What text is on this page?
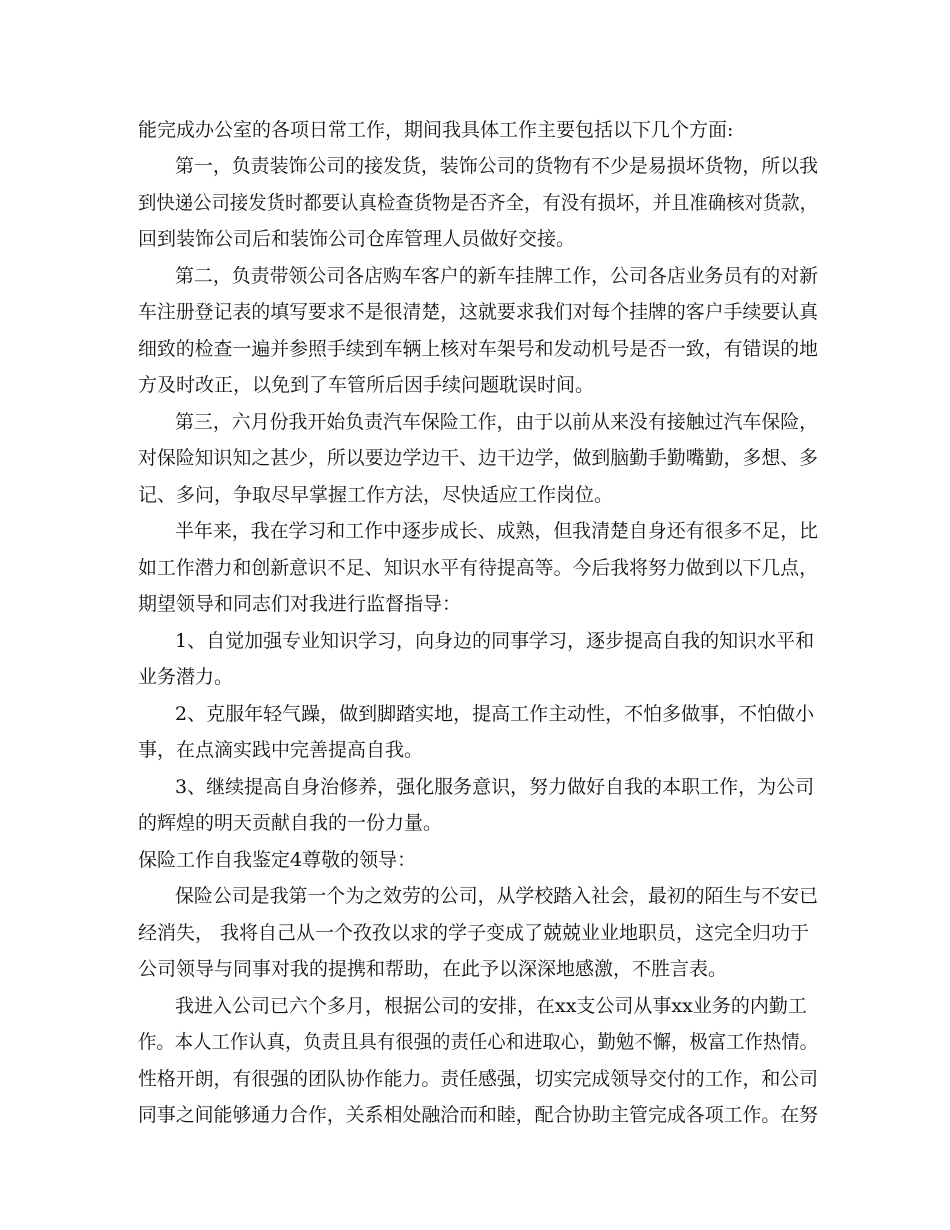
能完成办公室的各项日常工作，期间我具体工作主要包括以下几个方面:
第一，负责装饰公司的接发货，装饰公司的货物有不少是易损坏货物，所以我
到快递公司接发货时都要认真检查货物是否齐全，有没有损坏，并且准确核对货款，
回到装饰公司后和装饰公司仓库管理人员做好交接。
第二，负责带领公司各店购车客户的新车挂牌工作，公司各店业务员有的对新
车注册登记表的填写要求不是很清楚，这就要求我们对每个挂牌的客户手续要认真
细致的检查一遍并参照手续到车辆上核对车架号和发动机号是否一致，有错误的地
方及时改正，以免到了车管所后因手续问题耽误时间。
第三，六月份我开始负责汽车保险工作，由于以前从来没有接触过汽车保险，
对保险知识知之甚少，所以要边学边干、边干边学，做到脑勤手勤嘴勤，多想、多
记、多问，争取尽早掌握工作方法，尽快适应工作岗位。
半年来，我在学习和工作中逐步成长、成熟，但我清楚自身还有很多不足，比
如工作潜力和创新意识不足、知识水平有待提高等。今后我将努力做到以下几点，
期望领导和同志们对我进行监督指导：
1、自觉加强专业知识学习，向身边的同事学习，逐步提高自我的知识水平和
业务潜力。
2、克服年轻气躁，做到脚踏实地，提高工作主动性，不怕多做事，不怕做小
事，在点滴实践中完善提高自我。
3、继续提高自身治修养，强化服务意识，努力做好自我的本职工作，为公司
的辉煌的明天贡献自我的一份力量。
保险工作自我鉴定4尊敬的领导：
保险公司是我第一个为之效劳的公司，从学校踏入社会，最初的陌生与不安已
经消失， 我将自己从一个孜孜以求的学子变成了兢兢业业地职员，这完全归功于
公司领导与同事对我的提携和帮助，在此予以深深地感激，不胜言表。
我进入公司已六个多月，根据公司的安排，在xx支公司从事xx业务的内勤工
作。本人工作认真，负责且具有很强的责任心和进取心，勤勉不懈，极富工作热情。
性格开朗，有很强的团队协作能力。责任感强，切实完成领导交付的工作，和公司
同事之间能够通力合作，关系相处融洽而和睦，配合协助主管完成各项工作。在努
